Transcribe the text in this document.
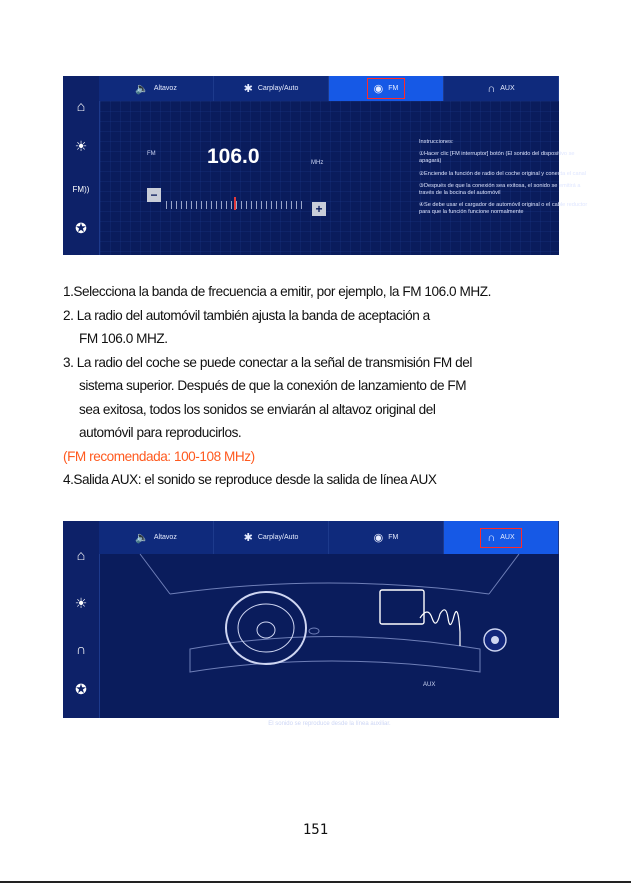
⌂
☀
FM))
✪
🔈 Altavoz	✱ Carplay/Auto	◉ FM	∩ AUX
FM 106.0	MHz
−
+

Instrucciones:

①Hacer clic [FM interruptor] botón (El sonido del dispositivo se apagará)

②Enciende la función de radio del coche original y conecta el canal

③Después de que la conexión sea exitosa, el sonido se emitirá a través de la bocina del automóvil

④Se debe usar el cargador de automóvil original o el cable reductor para que la función funcione normalmente

1.Selecciona la banda de frecuencia a emitir, por ejemplo, la FM 106.0 MHZ.
2. La radio del automóvil también ajusta la banda de aceptación a
FM 106.0 MHZ.
3. La radio del coche se puede conectar a la señal de transmisión FM del
sistema superior. Después de que la conexión de lanzamiento de FM
sea exitosa, todos los sonidos se enviarán al altavoz original del
automóvil para reproducirlos.
(FM recomendada: 100-108 MHz)
4.Salida AUX: el sonido se reproduce desde la salida de línea AUX
⌂
☀
∩
✪
🔈 Altavoz	✱ Carplay/Auto	◉ FM	∩ AUX
AUX
El sonido se reproduce desde la línea auxiliar.
151
